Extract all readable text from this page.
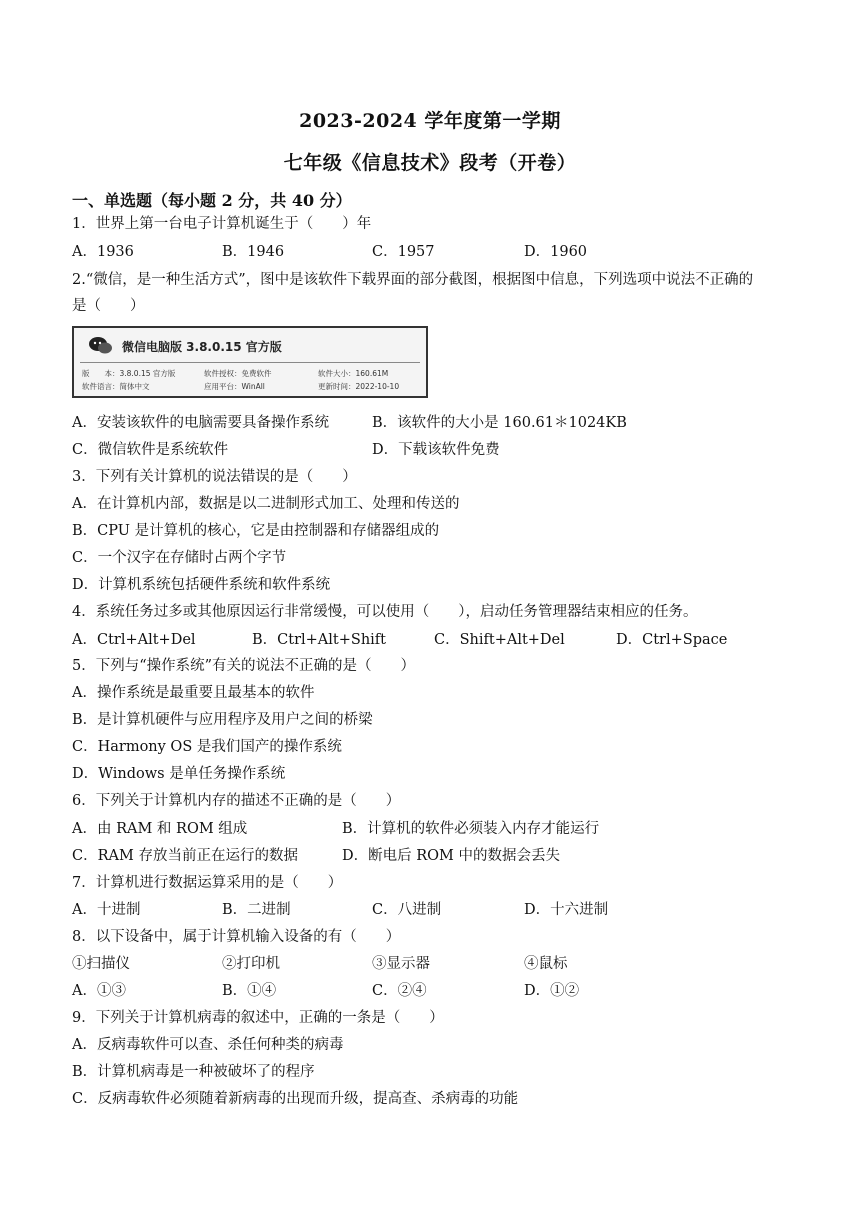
2023-2024 学年度第一学期
七年级《信息技术》段考（开卷）
一、单选题（每小题 2 分，共 40 分）
1．世界上第一台电子计算机诞生于（　　）年
A．1936	B．1946	C．1957	D．1960
2.“微信，是一种生活方式”，图中是该软件下载界面的部分截图，根据图中信息，下列选项中说法不正确的
是（　　）
微信电脑版 3.8.0.15 官方版
版　　本：3.8.0.15 官方版	软件授权：免费软件	软件大小：160.61M
软件语言：简体中文	应用平台：WinAll	更新时间：2022-10-10
A．安装该软件的电脑需要具备操作系统	B．该软件的大小是 160.61＊1024KB
C．微信软件是系统软件	D．下载该软件免费
3．下列有关计算机的说法错误的是（　　）
A．在计算机内部，数据是以二进制形式加工、处理和传送的
B．CPU 是计算机的核心，它是由控制器和存储器组成的
C．一个汉字在存储时占两个字节
D．计算机系统包括硬件系统和软件系统
4．系统任务过多或其他原因运行非常缓慢，可以使用（　　），启动任务管理器结束相应的任务。
A．Ctrl+Alt+Del	B．Ctrl+Alt+Shift	C．Shift+Alt+Del	D．Ctrl+Space
5．下列与“操作系统”有关的说法不正确的是（　　）
A．操作系统是最重要且最基本的软件
B．是计算机硬件与应用程序及用户之间的桥梁
C．Harmony OS 是我们国产的操作系统
D．Windows 是单任务操作系统
6．下列关于计算机内存的描述不正确的是（　　）
A．由 RAM 和 ROM 组成	B．计算机的软件必须装入内存才能运行
C．RAM 存放当前正在运行的数据	D．断电后 ROM 中的数据会丢失
7．计算机进行数据运算采用的是（　　）
A．十进制	B．二进制	C．八进制	D．十六进制
8．以下设备中，属于计算机输入设备的有（　　）
①扫描仪	②打印机	③显示器	④鼠标
A．①③	B．①④	C．②④	D．①②
9．下列关于计算机病毒的叙述中，正确的一条是（　　）
A．反病毒软件可以查、杀任何种类的病毒
B．计算机病毒是一种被破坏了的程序
C．反病毒软件必须随着新病毒的出现而升级，提高查、杀病毒的功能
